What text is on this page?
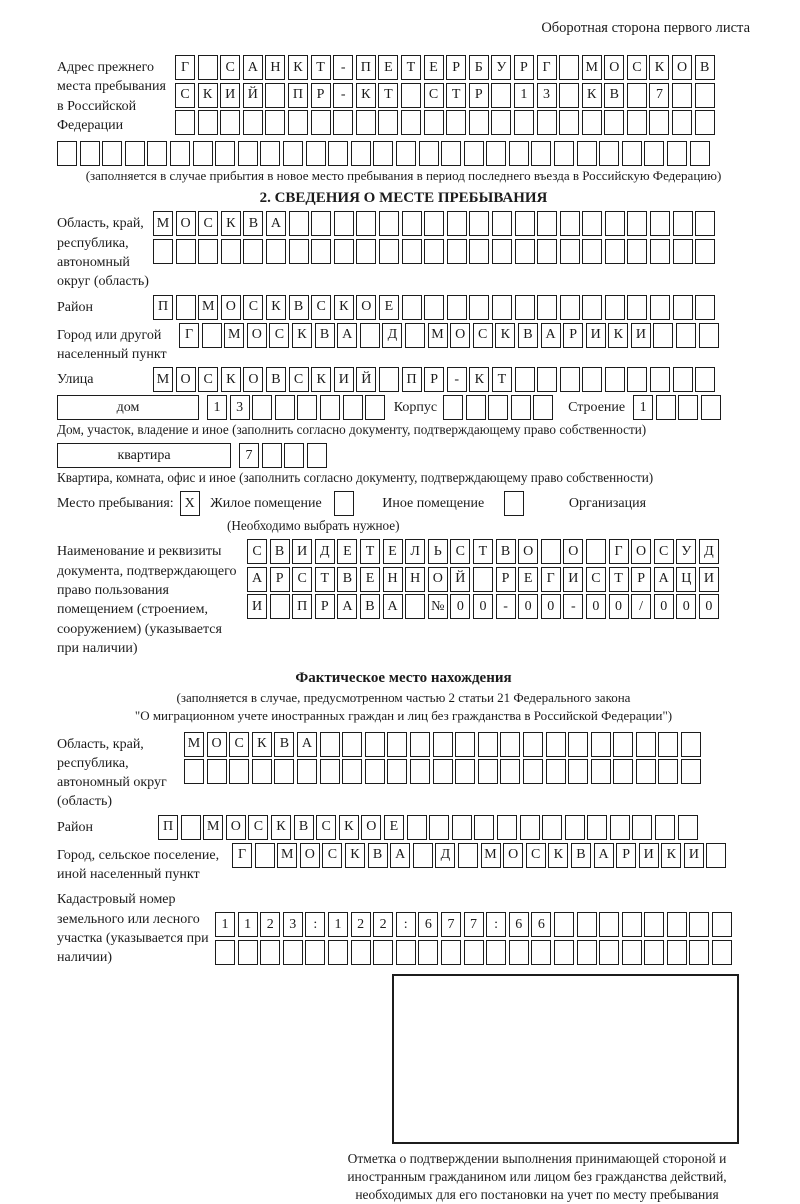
Оборотная сторона первого листа
Адрес прежнего места пребывания в Российской Федерации
Г	С А Н К Т	-	П Е	Т	Е	Р	Б У Р	Г	М О С К О В
С К И Й	П Р	-	К Т	С Т	Р	1	3	К В	7
(заполняется в случае прибытия в новое место пребывания в период последнего въезда в Российскую Федерацию)
2. СВЕДЕНИЯ О МЕСТЕ ПРЕБЫВАНИЯ
Область, край, республика, автономный округ (область)
М О С К В А
Район	П	М О С К В С К О Е
Город или другой населенный пункт
Г	М О С К В А	Д	М О С К В А Р И К И
Улица	М О С К О В С К И Й	П Р	-	К Т
дом	1	3	Корпус	Строение	1
Дом, участок, владение и иное (заполнить согласно документу, подтверждающему право собственности)
квартира	7
Квартира, комната, офис и иное (заполнить согласно документу, подтверждающему право собственности)
Место пребывания: X	Жилое помещение	Иное помещение	Организация
(Необходимо выбрать нужное)
Наименование и реквизиты документа, подтверждающего право пользования помещением (строением, сооружением) (указывается при наличии)
С В И Д Е	Т	Е Л Ь С Т В О	О	Г О С У Д
А Р	С Т В Е Н Н О Й	Р	Е	Г И С Т	Р А Ц И
И	П Р А В А	№ 0	0	-	0	0	-	0	0	/	0	0	0
Фактическое место нахождения
(заполняется в случае, предусмотренном частью 2 статьи 21 Федерального закона
"О миграционном учете иностранных граждан и лиц без гражданства в Российской Федерации")
Область, край, республика, автономный округ (область)
М О С К В А
Район	П	М О С К В С К О Е
Город, сельское поселение, иной населенный пункт
Г	М О С К В А	Д	М О С К В А Р И К И
Кадастровый номер земельного или лесного участка (указывается при наличии)
1	1	2	3	:	1	2	2	:	6	7	7	:	6	6
Отметка о подтверждении выполнения принимающей стороной и иностранным гражданином или лицом без гражданства действий, необходимых для его постановки на учет по месту пребывания
